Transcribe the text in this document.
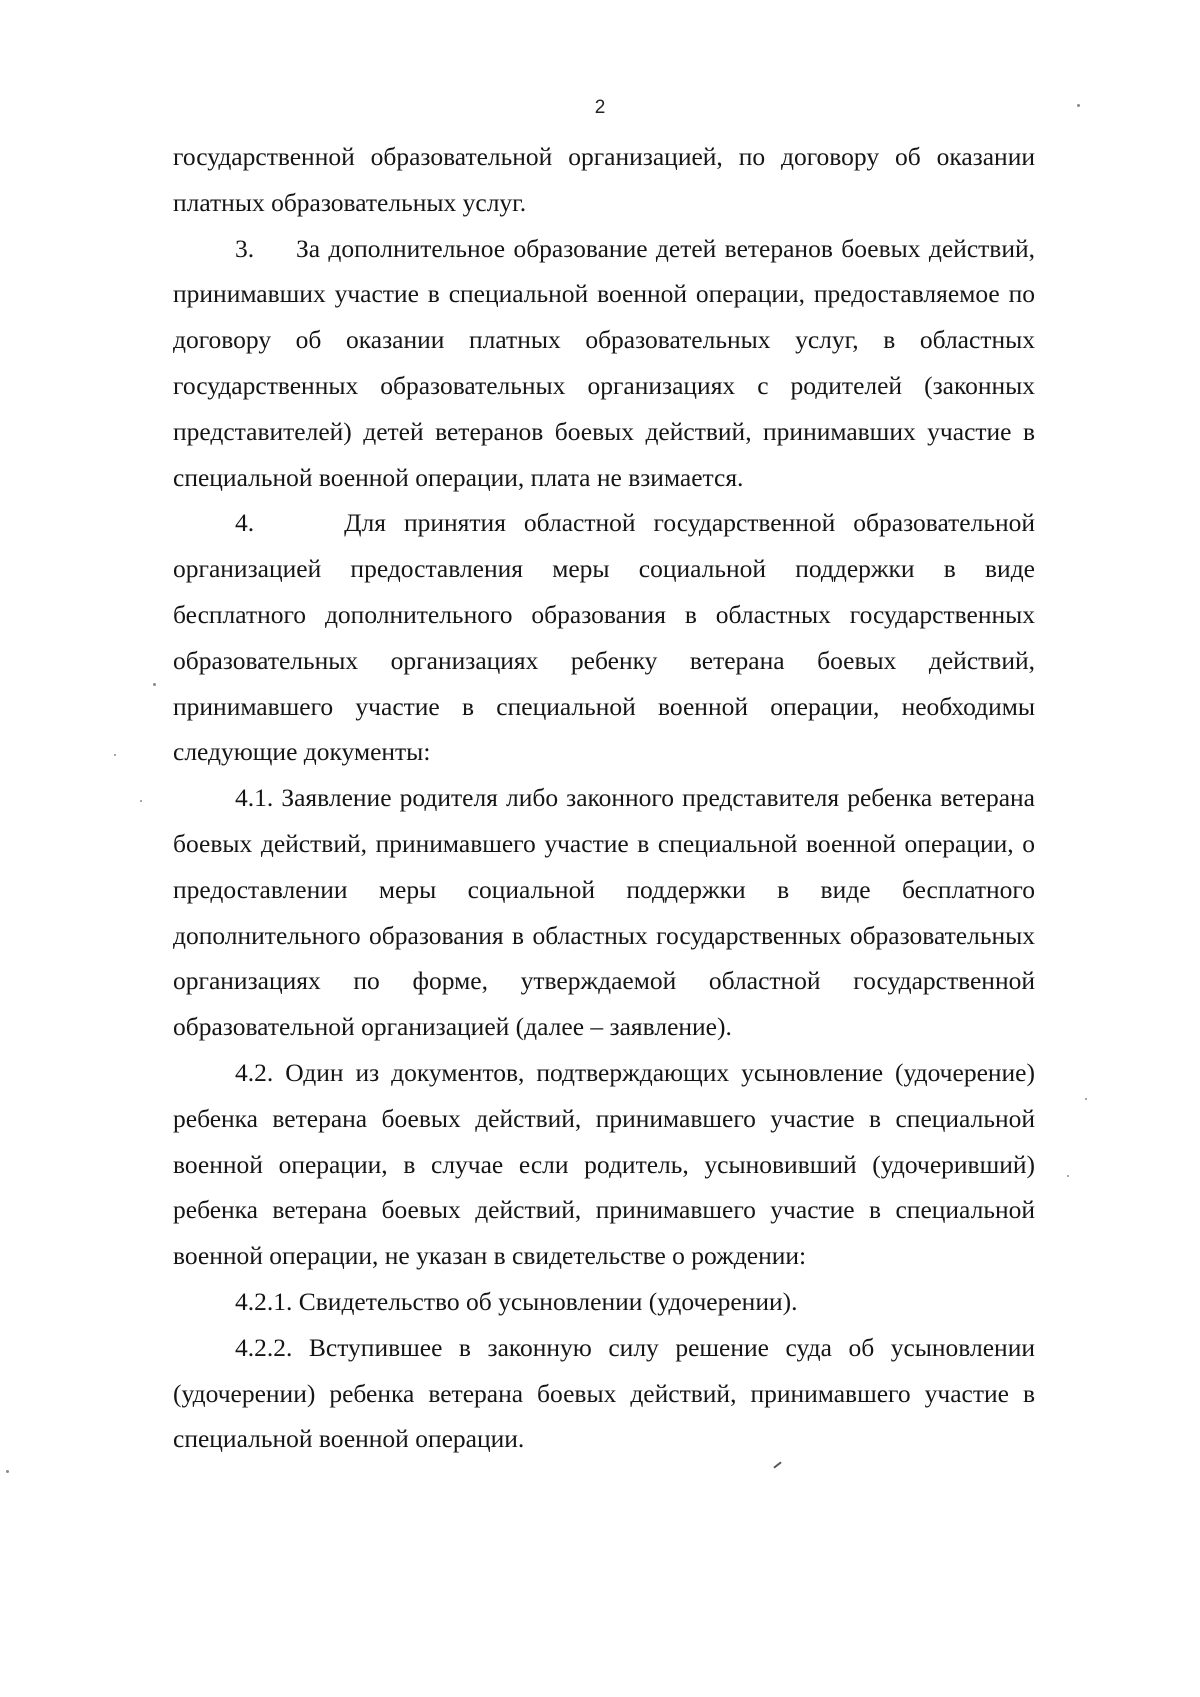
2

государственной образовательной организацией, по договору об оказании платных образовательных услуг.

3.     За дополнительное образование детей ветеранов боевых действий, принимавших участие в специальной военной операции, предоставляемое по договору об оказании платных образовательных услуг, в областных государственных образовательных организациях с родителей (законных представителей) детей ветеранов боевых действий, принимавших участие в специальной военной операции, плата не взимается.

4.     Для принятия областной государственной образовательной организацией предоставления меры социальной поддержки в виде бесплатного дополнительного образования в областных государственных образовательных организациях ребенку ветерана боевых действий, принимавшего участие в специальной военной операции, необходимы следующие документы:

4.1. Заявление родителя либо законного представителя ребенка ветерана боевых действий, принимавшего участие в специальной военной операции, о предоставлении меры социальной поддержки в виде бесплатного дополнительного образования в областных государственных образовательных организациях по форме, утверждаемой областной государственной образовательной организацией (далее – заявление).

4.2. Один из документов, подтверждающих усыновление (удочерение) ребенка ветерана боевых действий, принимавшего участие в специальной военной операции, в случае если родитель, усыновивший (удочеривший) ребенка ветерана боевых действий, принимавшего участие в специальной военной операции, не указан в свидетельстве о рождении:

4.2.1. Свидетельство об усыновлении (удочерении).

4.2.2. Вступившее в законную силу решение суда об усыновлении (удочерении) ребенка ветерана боевых действий, принимавшего участие в специальной военной операции.
